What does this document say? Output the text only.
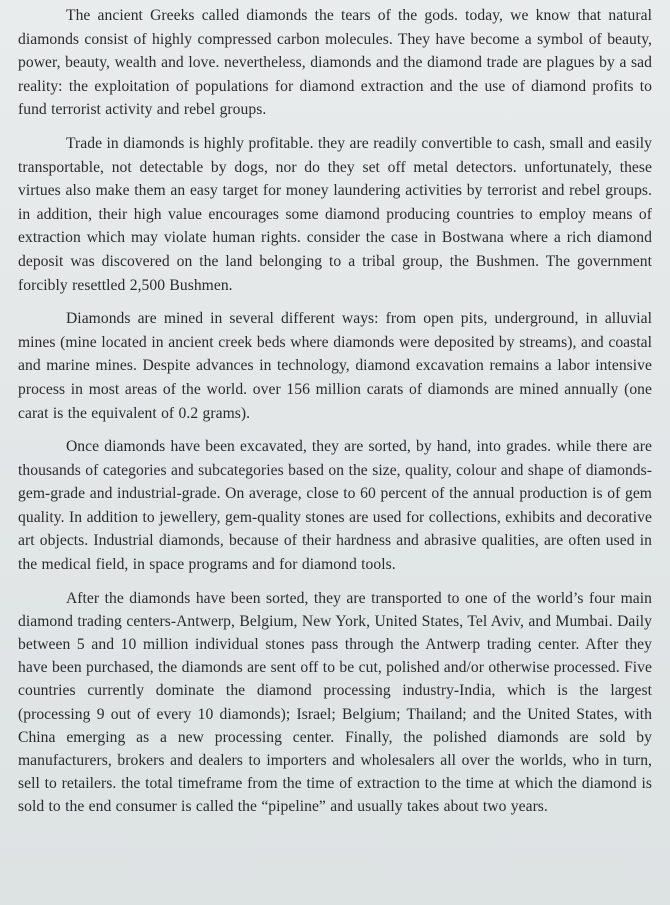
The ancient Greeks called diamonds the tears of the gods. today, we know that natural diamonds consist of highly compressed carbon molecules. They have become a symbol of beauty, power, beauty, wealth and love. nevertheless, diamonds and the diamond trade are plagues by a sad reality: the exploitation of populations for diamond extraction and the use of diamond profits to fund terrorist activity and rebel groups.

Trade in diamonds is highly profitable. they are readily convertible to cash, small and easily transportable, not detectable by dogs, nor do they set off metal detectors. unfortunately, these virtues also make them an easy target for money laundering activities by terrorist and rebel groups. in addition, their high value encourages some diamond producing countries to employ means of extraction which may violate human rights. consider the case in Bostwana where a rich diamond deposit was discovered on the land belonging to a tribal group, the Bushmen. The government forcibly resettled 2,500 Bushmen.

Diamonds are mined in several different ways: from open pits, underground, in alluvial mines (mine located in ancient creek beds where diamonds were deposited by streams), and coastal and marine mines. Despite advances in technology, diamond excavation remains a labor intensive process in most areas of the world. over 156 million carats of diamonds are mined annually (one carat is the equivalent of 0.2 grams).

Once diamonds have been excavated, they are sorted, by hand, into grades. while there are thousands of categories and subcategories based on the size, quality, colour and shape of diamonds-gem-grade and industrial-grade. On average, close to 60 percent of the annual production is of gem quality. In addition to jewellery, gem-quality stones are used for collections, exhibits and decorative art objects. Industrial diamonds, because of their hardness and abrasive qualities, are often used in the medical field, in space programs and for diamond tools.

After the diamonds have been sorted, they are transported to one of the world’s four main diamond trading centers-Antwerp, Belgium, New York, United States, Tel Aviv, and Mumbai. Daily between 5 and 10 million individual stones pass through the Antwerp trading center. After they have been purchased, the diamonds are sent off to be cut, polished and/or otherwise processed. Five countries currently dominate the diamond processing industry-India, which is the largest (processing 9 out of every 10 diamonds); Israel; Belgium; Thailand; and the United States, with China emerging as a new processing center. Finally, the polished diamonds are sold by manufacturers, brokers and dealers to importers and wholesalers all over the worlds, who in turn, sell to retailers. the total timeframe from the time of extraction to the time at which the diamond is sold to the end consumer is called the “pipeline” and usually takes about two years.
